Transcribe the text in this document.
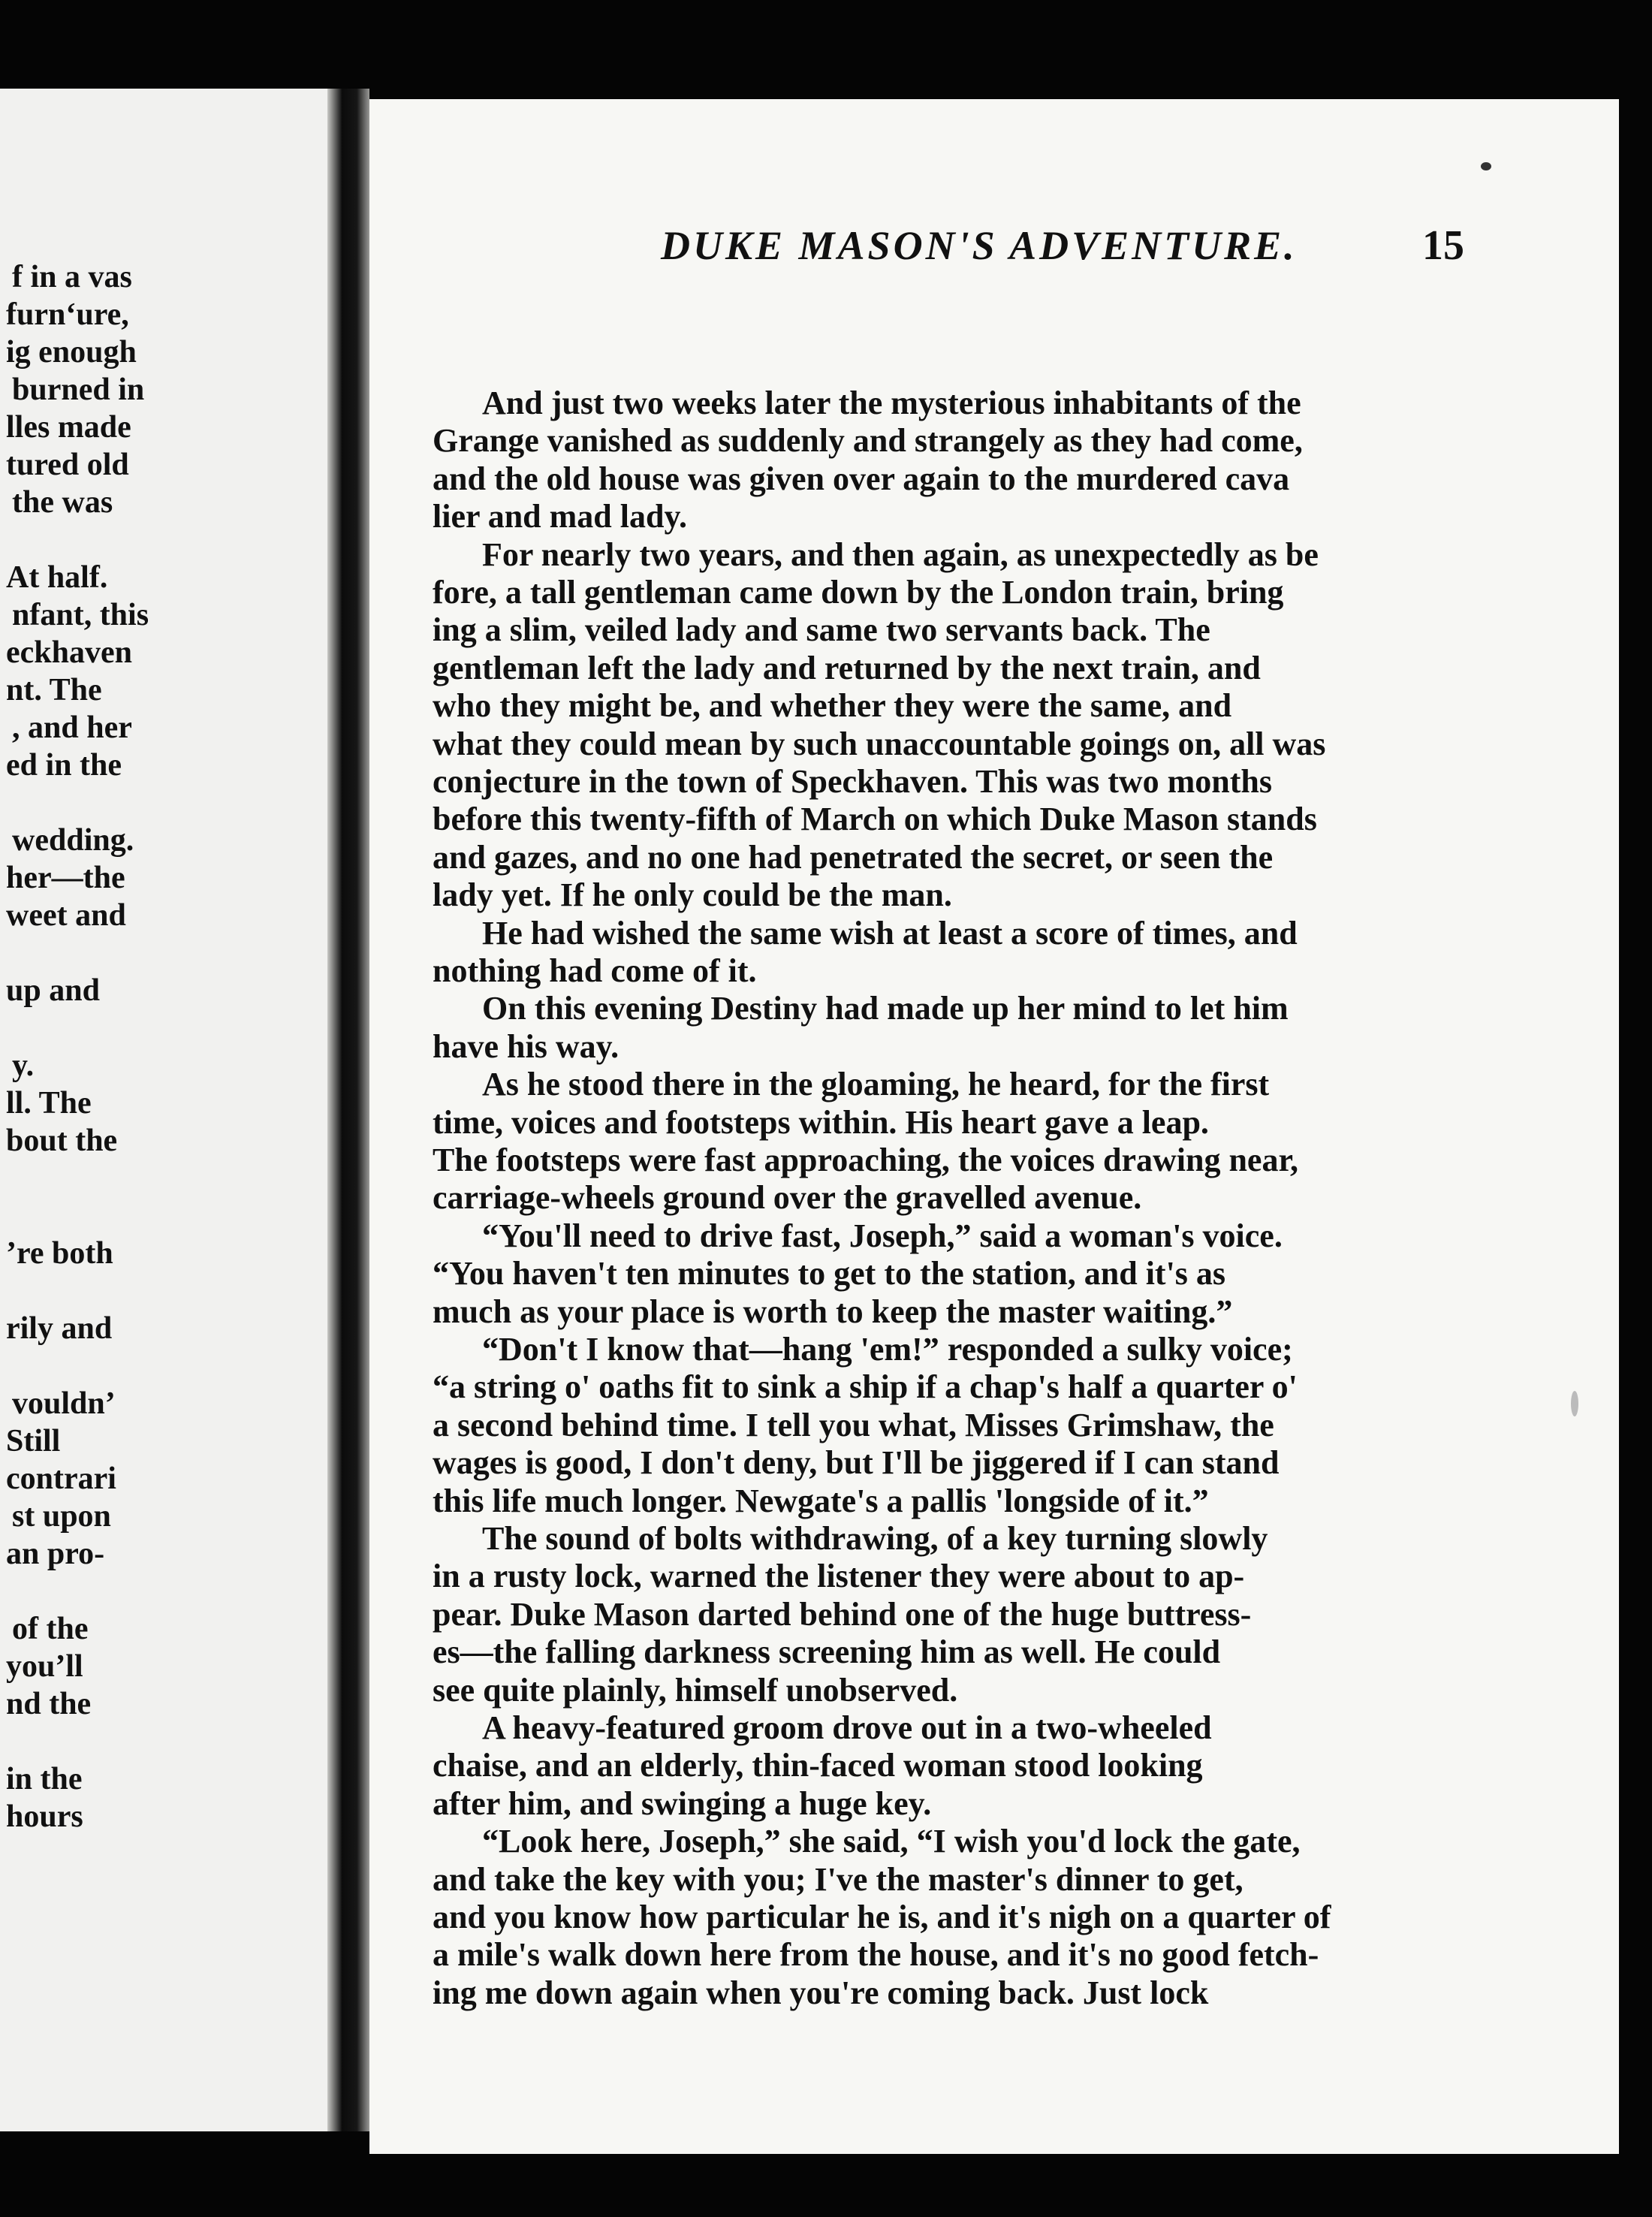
f in a vas
furn‘ure,
ig enough
burned in
lles made
tured old
the was
At half.
nfant, this
eckhaven
nt. The
, and her
ed in the
wedding.
her—the
weet and
up and
y.
ll. The
bout the
’re both
rily and
vouldn’
Still
contrari
st upon
an pro-
of the
you’ll
nd the
in the
hours
DUKE MASON'S ADVENTURE.	15
And just two weeks later the mysterious inhabitants of the
Grange vanished as suddenly and strangely as they had come,
and the old house was given over again to the murdered cava
lier and mad lady.
For nearly two years, and then again, as unexpectedly as be
fore, a tall gentleman came down by the London train, bring
ing a slim, veiled lady and same two servants back. The
gentleman left the lady and returned by the next train, and
who they might be, and whether they were the same, and
what they could mean by such unaccountable goings on, all was
conjecture in the town of Speckhaven. This was two months
before this twenty-fifth of March on which Duke Mason stands
and gazes, and no one had penetrated the secret, or seen the
lady yet. If he only could be the man.
He had wished the same wish at least a score of times, and
nothing had come of it.
On this evening Destiny had made up her mind to let him
have his way.
As he stood there in the gloaming, he heard, for the first
time, voices and footsteps within. His heart gave a leap.
The footsteps were fast approaching, the voices drawing near,
carriage-wheels ground over the gravelled avenue.
“You'll need to drive fast, Joseph,” said a woman's voice.
“You haven't ten minutes to get to the station, and it's as
much as your place is worth to keep the master waiting.”
“Don't I know that—hang 'em!” responded a sulky voice;
“a string o' oaths fit to sink a ship if a chap's half a quarter o'
a second behind time. I tell you what, Misses Grimshaw, the
wages is good, I don't deny, but I'll be jiggered if I can stand
this life much longer. Newgate's a pallis 'longside of it.”
The sound of bolts withdrawing, of a key turning slowly
in a rusty lock, warned the listener they were about to ap-
pear. Duke Mason darted behind one of the huge buttress-
es—the falling darkness screening him as well. He could
see quite plainly, himself unobserved.
A heavy-featured groom drove out in a two-wheeled
chaise, and an elderly, thin-faced woman stood looking
after him, and swinging a huge key.
“Look here, Joseph,” she said, “I wish you'd lock the gate,
and take the key with you; I've the master's dinner to get,
and you know how particular he is, and it's nigh on a quarter of
a mile's walk down here from the house, and it's no good fetch-
ing me down again when you're coming back. Just lock
